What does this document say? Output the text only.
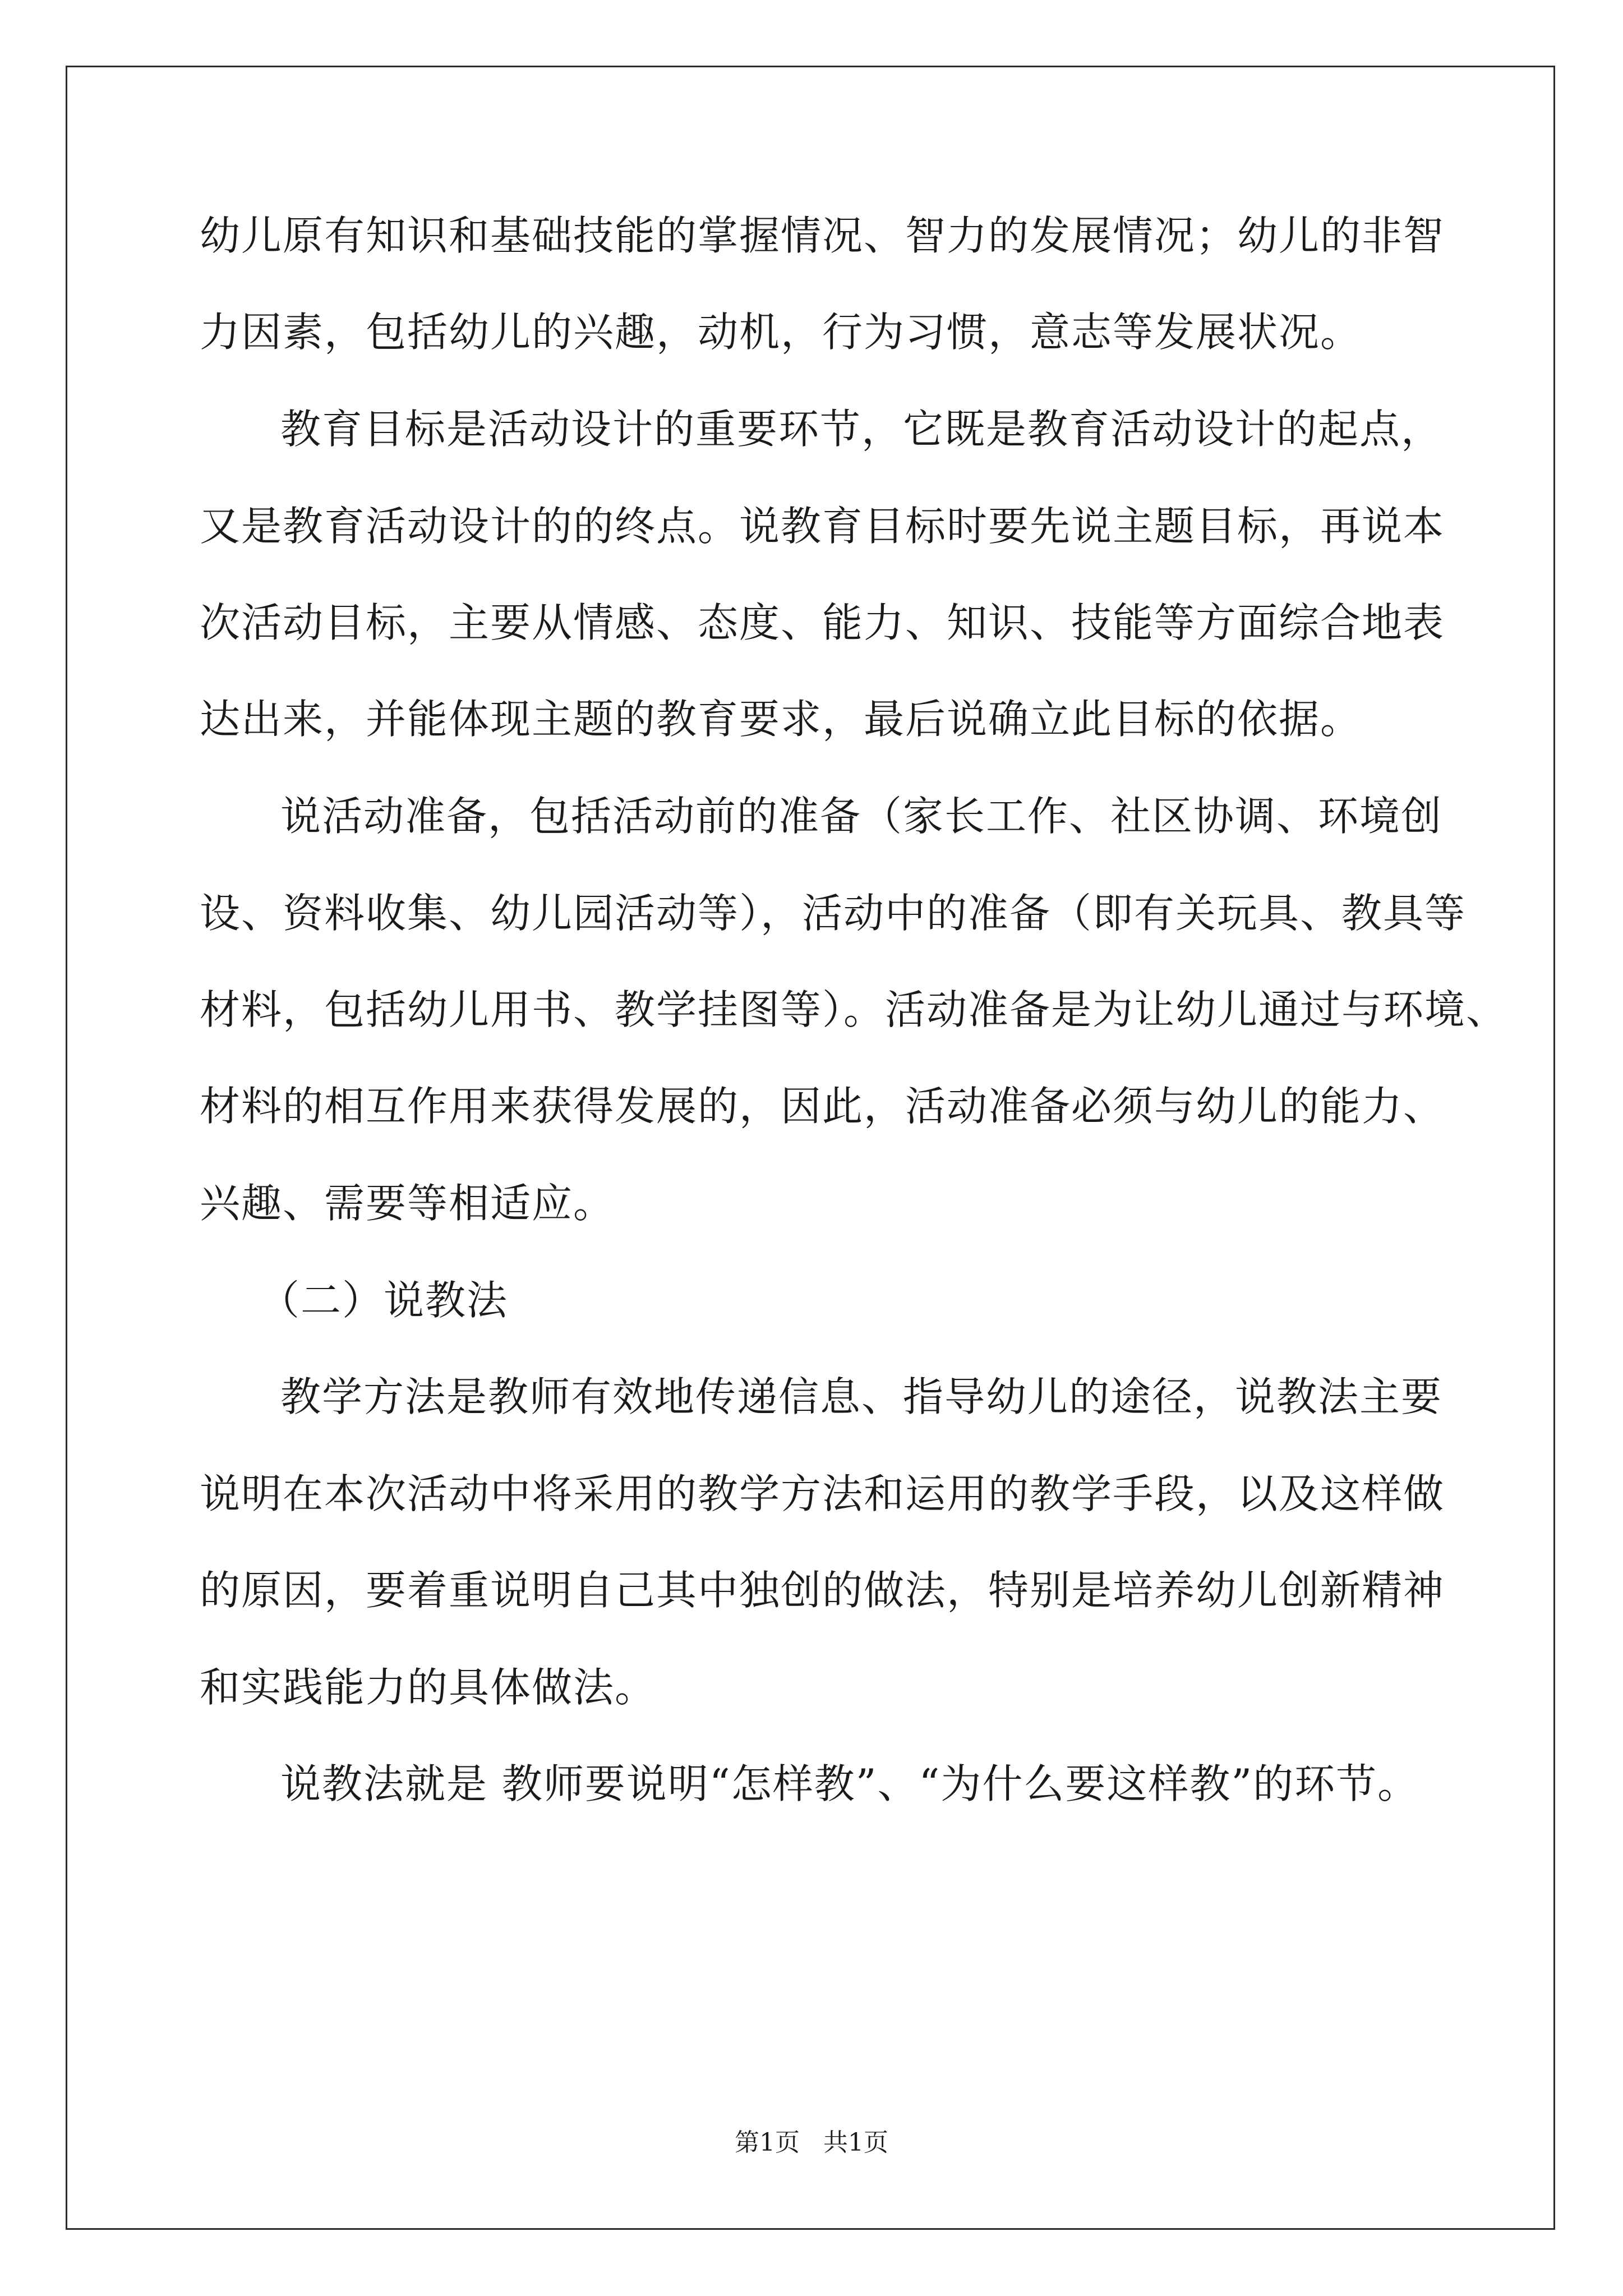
幼儿原有知识和基础技能的掌握情况、智力的发展情况；幼儿的非智
力因素，包括幼儿的兴趣，动机，行为习惯，意志等发展状况。
教育目标是活动设计的重要环节，它既是教育活动设计的起点，
又是教育活动设计的的终点。说教育目标时要先说主题目标，再说本
次活动目标，主要从情感、态度、能力、知识、技能等方面综合地表
达出来，并能体现主题的教育要求，最后说确立此目标的依据。
说活动准备，包括活动前的准备（家长工作、社区协调、环境创
设、资料收集、幼儿园活动等），活动中的准备（即有关玩具、教具等
材料，包括幼儿用书、教学挂图等）。活动准备是为让幼儿通过与环境、
材料的相互作用来获得发展的，因此，活动准备必须与幼儿的能力、
兴趣、需要等相适应。
（二）说教法
教学方法是教师有效地传递信息、指导幼儿的途径，说教法主要
说明在本次活动中将采用的教学方法和运用的教学手段，以及这样做
的原因，要着重说明自己其中独创的做法，特别是培养幼儿创新精神
和实践能力的具体做法。
说教法就是 教师要说明“怎样教”、“为什么要这样教”的环节。
第1页 共1页
